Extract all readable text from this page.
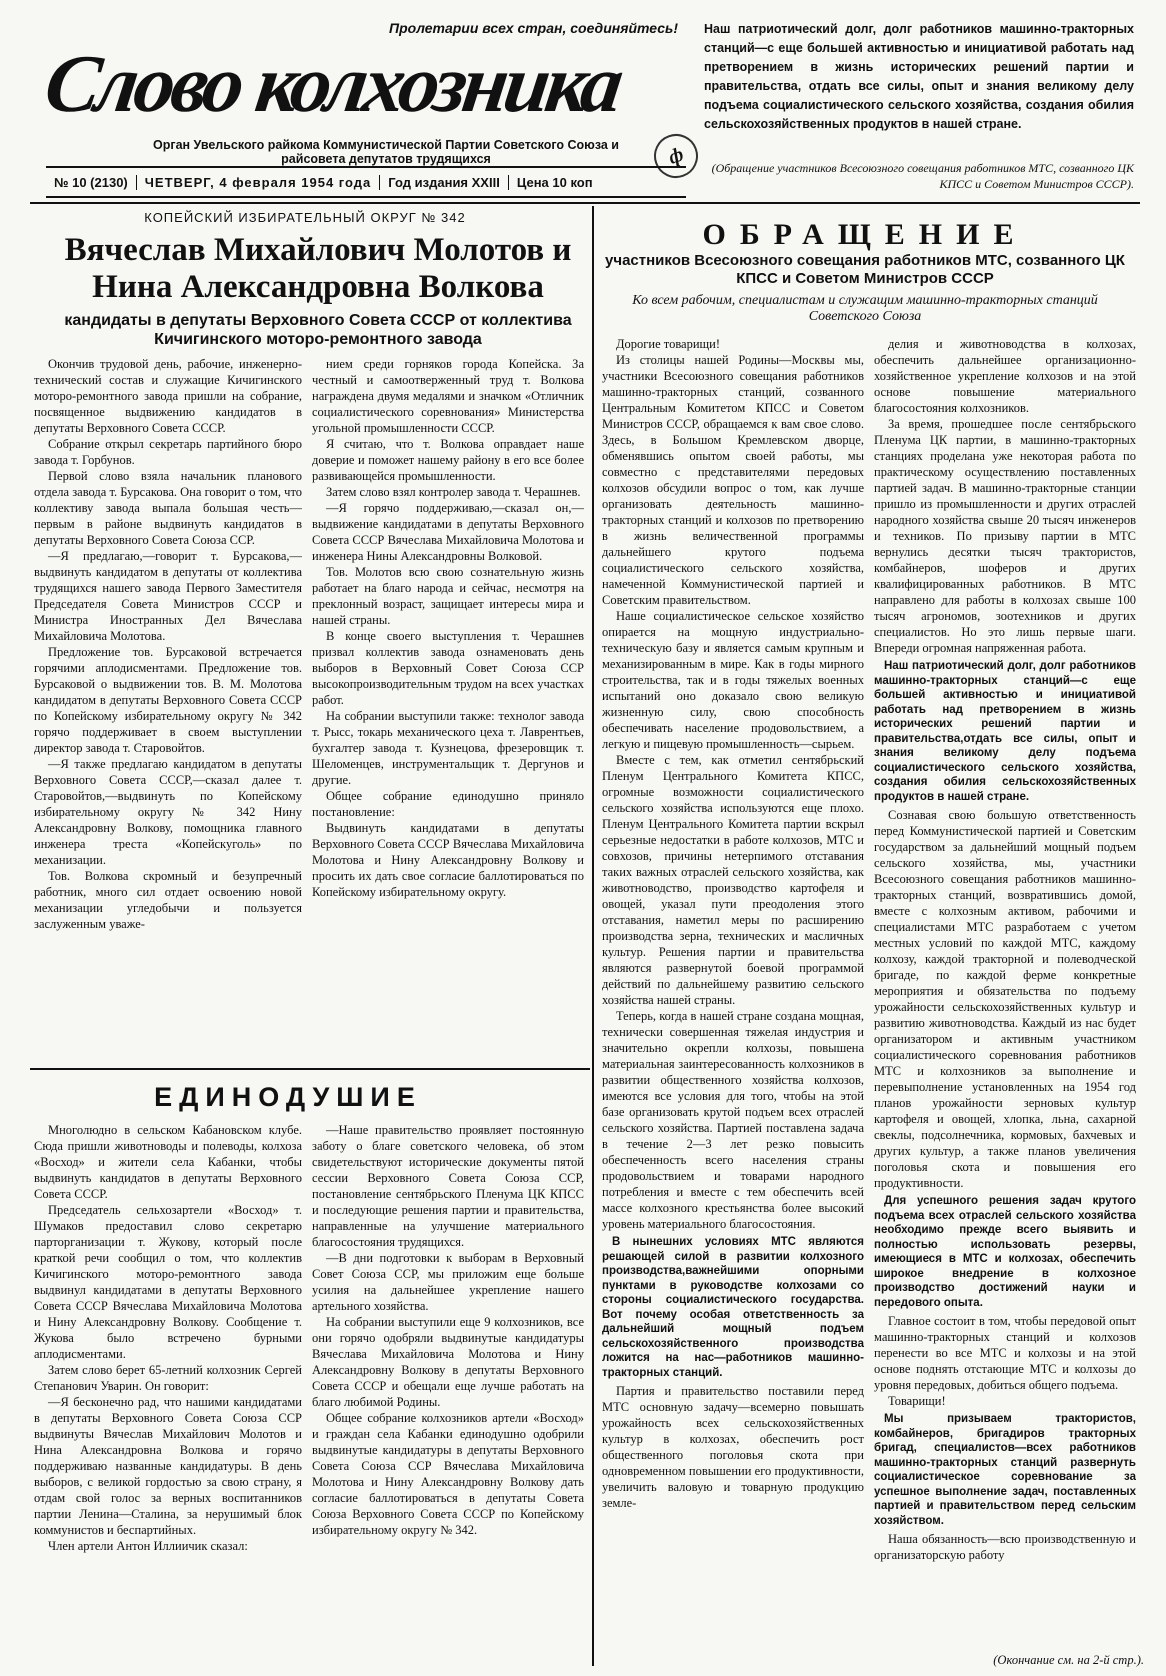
Пролетарии всех стран, соединяйтесь!
Слово колхозника
Орган Увельского райкома Коммунистической Партии Советского Союза и райсовета депутатов трудящихся	ф
№ 10 (2130)	ЧЕТВЕРГ, 4 февраля 1954 года	Год издания XXIII	Цена 10 коп
Наш патриотический долг, долг работников машинно-тракторных станций—с еще большей активностью и инициативой работать над претворением в жизнь исторических решений партии и правительства, отдать все силы, опыт и знания великому делу подъема социалистического сельского хозяйства, создания обилия сельскохозяйственных продуктов в нашей стране.
(Обращение участников Всесоюзного совещания работников МТС, созванного ЦК КПСС и Советом Министров СССР).
КОПЕЙСКИЙ ИЗБИРАТЕЛЬНЫЙ ОКРУГ № 342
Вячеслав Михайлович Молотов и Нина Александровна Волкова
кандидаты в депутаты Верховного Совета СССР от коллектива Кичигинского моторо-ремонтного завода

Окончив трудовой день, рабочие, инженерно-технический состав и служащие Кичигинского моторо-ремонтного завода пришли на собрание, посвященное выдвижению кандидатов в депутаты Верховного Совета СССР.

Собрание открыл секретарь партийного бюро завода т. Горбунов.

Первой слово взяла начальник планового отдела завода т. Бурсакова. Она говорит о том, что коллективу завода выпала большая честь—первым в районе выдвинуть кандидатов в депутаты Верховного Совета Союза ССР.

—Я предлагаю,—говорит т. Бурсакова,—выдвинуть кандидатом в депутаты от коллектива трудящихся нашего завода Первого Заместителя Председателя Совета Министров СССР и Министра Иностранных Дел Вячеслава Михайловича Молотова.

Предложение тов. Бурсаковой встречается горячими аплодисментами. Предложение тов. Бурсаковой о выдвижении тов. В. М. Молотова кандидатом в депутаты Верховного Совета СССР по Копейскому избирательному округу № 342 горячо поддерживает в своем выступлении директор завода т. Старовойтов.

—Я также предлагаю кандидатом в депутаты Верховного Совета СССР,—сказал далее т. Старовойтов,—выдвинуть по Копейскому избирательному округу № 342 Нину Александровну Волкову, помощника главного инженера треста «Копейскуголь» по механизации.

Тов. Волкова скромный и безупречный работник, много сил отдает освоению новой механизации угледобычи и пользуется заслуженным уваже-

нием среди горняков города Копейска. За честный и самоотверженный труд т. Волкова награждена двумя медалями и значком «Отличник социалистического соревнования» Министерства угольной промышленности СССР.

Я считаю, что т. Волкова оправдает наше доверие и поможет нашему району в его все более развивающейся промышленности.

Затем слово взял контролер завода т. Черашнев.

—Я горячо поддерживаю,—сказал он,—выдвижение кандидатами в депутаты Верховного Совета СССР Вячеслава Михайловича Молотова и инженера Нины Александровны Волковой.

Тов. Молотов всю свою сознательную жизнь работает на благо народа и сейчас, несмотря на преклонный возраст, защищает интересы мира и нашей страны.

В конце своего выступления т. Черашнев призвал коллектив завода ознаменовать день выборов в Верховный Совет Союза ССР высокопроизводительным трудом на всех участках работ.

На собрании выступили также: технолог завода т. Рысс, токарь механического цеха т. Лаврентьев, бухгалтер завода т. Кузнецова, фрезеровщик т. Шеломенцев, инструментальщик т. Дергунов и другие.

Общее собрание единодушно приняло постановление:

Выдвинуть кандидатами в депутаты Верховного Совета СССР Вячеслава Михайловича Молотова и Нину Александровну Волкову и просить их дать свое согласие баллотироваться по Копейскому избирательному округу.

ЕДИНОДУШИЕ

Многолюдно в сельском Кабановском клубе. Сюда пришли животноводы и полеводы, колхоза «Восход» и жители села Кабанки, чтобы выдвинуть кандидатов в депутаты Верховного Совета СССР.

Председатель сельхозартели «Восход» т. Шумаков предоставил слово секретарю парторганизации т. Жукову, который после краткой речи сообщил о том, что коллектив Кичигинского моторо-ремонтного завода выдвинул кандидатами в депутаты Верховного Совета СССР Вячеслава Михайловича Молотова и Нину Александровну Волкову. Сообщение т. Жукова было встречено бурными аплодисментами.

Затем слово берет 65-летний колхозник Сергей Степанович Уварин. Он говорит:

—Я бесконечно рад, что нашими кандидатами в депутаты Верховного Совета Союза ССР выдвинуты Вячеслав Михайлович Молотов и Нина Александровна Волкова и горячо поддерживаю названные кандидатуры. В день выборов, с великой гордостью за свою страну, я отдам свой голос за верных воспитанников партии Ленина—Сталина, за нерушимый блок коммунистов и беспартийных.

Член артели Антон Иллиичик сказал:

—Наше правительство проявляет постоянную заботу о благе советского человека, об этом свидетельствуют исторические документы пятой сессии Верховного Совета Союза ССР, постановление сентябрьского Пленума ЦК КПСС и последующие решения партии и правительства, направленные на улучшение материального благосостояния трудящихся.

—В дни подготовки к выборам в Верховный Совет Союза ССР, мы приложим еще больше усилия на дальнейшее укрепление нашего артельного хозяйства.

На собрании выступили еще 9 колхозников, все они горячо одобряли выдвинутые кандидатуры Вячеслава Михайловича Молотова и Нину Александровну Волкову в депутаты Верховного Совета СССР и обещали еще лучше работать на благо любимой Родины.

Общее собрание колхозников артели «Восход» и граждан села Кабанки единодушно одобрили выдвинутые кандидатуры в депутаты Верховного Совета Союза ССР Вячеслава Михайловича Молотова и Нину Александровну Волкову дать согласие баллотироваться в депутаты Совета Союза Верховного Совета СССР по Копейскому избирательному округу № 342.

ОБРАЩЕНИЕ
участников Всесоюзного совещания работников МТС, созванного ЦК КПСС и Советом Министров СССР
Ко всем рабочим, специалистам и служащим машинно-тракторных станций Советского Союза

Дорогие товарищи!

Из столицы нашей Родины—Москвы мы, участники Всесоюзного совещания работников машинно-тракторных станций, созванного Центральным Комитетом КПСС и Советом Министров СССР, обращаемся к вам свое слово. Здесь, в Большом Кремлевском дворце, обменявшись опытом своей работы, мы совместно с представителями передовых колхозов обсудили вопрос о том, как лучше организовать деятельность машинно-тракторных станций и колхозов по претворению в жизнь величественной программы дальнейшего крутого подъема социалистического сельского хозяйства, намеченной Коммунистической партией и Советским правительством.

Наше социалистическое сельское хозяйство опирается на мощную индустриально-техническую базу и является самым крупным и механизированным в мире. Как в годы мирного строительства, так и в годы тяжелых военных испытаний оно доказало свою великую жизненную силу, свою способность обеспечивать население продовольствием, а легкую и пищевую промышленность—сырьем.

Вместе с тем, как отметил сентябрьский Пленум Центрального Комитета КПСС, огромные возможности социалистического сельского хозяйства используются еще плохо. Пленум Центрального Комитета партии вскрыл серьезные недостатки в работе колхозов, МТС и совхозов, причины нетерпимого отставания таких важных отраслей сельского хозяйства, как животноводство, производство картофеля и овощей, указал пути преодоления этого отставания, наметил меры по расширению производства зерна, технических и масличных культур. Решения партии и правительства являются развернутой боевой программой действий по дальнейшему развитию сельского хозяйства нашей страны.

Теперь, когда в нашей стране создана мощная, технически совершенная тяжелая индустрия и значительно окрепли колхозы, повышена материальная заинтересованность колхозников в развитии общественного хозяйства колхозов, имеются все условия для того, чтобы на этой базе организовать крутой подъем всех отраслей сельского хозяйства. Партией поставлена задача в течение 2—3 лет резко повысить обеспеченность всего населения страны продовольствием и товарами народного потребления и вместе с тем обеспечить всей массе колхозного крестьянства более высокий уровень материального благосостояния.

В нынешних условиях МТС являются решающей силой в развитии колхозного производства,важнейшими опорными пунктами в руководстве колхозами со стороны социалистического государства. Вот почему особая ответственность за дальнейший мощный подъем сельскохозяйственного производства ложится на нас—работников машинно-тракторных станций.

Партия и правительство поставили перед МТС основную задачу—всемерно повышать урожайность всех сельскохозяйственных культур в колхозах, обеспечить рост общественного поголовья скота при одновременном повышении его продуктивности, увеличить валовую и товарную продукцию земле-

делия и животноводства в колхозах, обеспечить дальнейшее организационно-хозяйственное укрепление колхозов и на этой основе повышение материального благосостояния колхозников.

За время, прошедшее после сентябрьского Пленума ЦК партии, в машинно-тракторных станциях проделана уже некоторая работа по практическому осуществлению поставленных партией задач. В машинно-тракторные станции пришло из промышленности и других отраслей народного хозяйства свыше 20 тысяч инженеров и техников. По призыву партии в МТС вернулись десятки тысяч трактористов, комбайнеров, шоферов и других квалифицированных работников. В МТС направлено для работы в колхозах свыше 100 тысяч агрономов, зоотехников и других специалистов. Но это лишь первые шаги. Впереди огромная напряженная работа.

Наш патриотический долг, долг работников машинно-тракторных станций—с еще большей активностью и инициативой работать над претворением в жизнь исторических решений партии и правительства,отдать все силы, опыт и знания великому делу подъема социалистического сельского хозяйства, создания обилия сельскохозяйственных продуктов в нашей стране.

Сознавая свою большую ответственность перед Коммунистической партией и Советским государством за дальнейший мощный подъем сельского хозяйства, мы, участники Всесоюзного совещания работников машинно-тракторных станций, возвратившись домой, вместе с колхозным активом, рабочими и специалистами МТС разработаем с учетом местных условий по каждой МТС, каждому колхозу, каждой тракторной и полеводческой бригаде, по каждой ферме конкретные мероприятия и обязательства по подъему урожайности сельскохозяйственных культур и развитию животноводства. Каждый из нас будет организатором и активным участником социалистического соревнования работников МТС и колхозников за выполнение и перевыполнение установленных на 1954 год планов урожайности зерновых культур картофеля и овощей, хлопка, льна, сахарной свеклы, подсолнечника, кормовых, бахчевых и других культур, а также планов увеличения поголовья скота и повышения его продуктивности.

Для успешного решения задач крутого подъема всех отраслей сельского хозяйства необходимо прежде всего выявить и полностью использовать резервы, имеющиеся в МТС и колхозах, обеспечить широкое внедрение в колхозное производство достижений науки и передового опыта.

Главное состоит в том, чтобы передовой опыт машинно-тракторных станций и колхозов перенести во все МТС и колхозы и на этой основе поднять отстающие МТС и колхозы до уровня передовых, добиться общего подъема.

Товарищи!

Мы призываем трактористов, комбайнеров, бригадиров тракторных бригад, специалистов—всех работников машинно-тракторных станций развернуть социалистическое соревнование за успешное выполнение задач, поставленных партией и правительством перед сельским хозяйством.

Наша обязанность—всю производственную и организаторскую работу

(Окончание см. на 2-й стр.).
